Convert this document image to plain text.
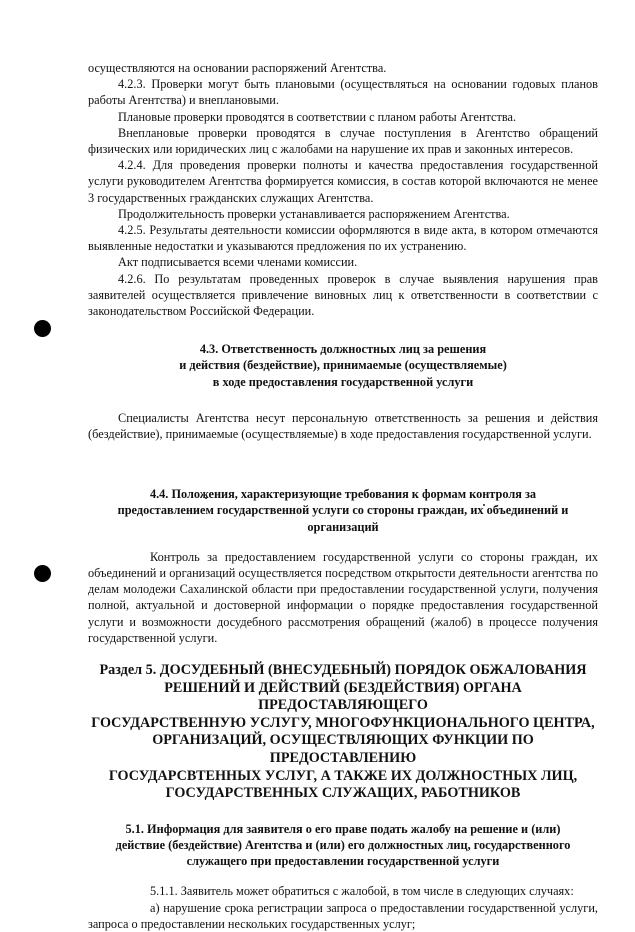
осуществляются на основании распоряжений Агентства.

4.2.3. Проверки могут быть плановыми (осуществляться на основании годовых планов работы Агентства) и внеплановыми.

Плановые проверки проводятся в соответствии с планом работы Агентства.

Внеплановые проверки проводятся в случае поступления в Агентство обращений физических или юридических лиц с жалобами на нарушение их прав и законных интересов.

4.2.4. Для проведения проверки полноты и качества предоставления государственной услуги руководителем Агентства формируется комиссия, в состав которой включаются не менее 3 государственных гражданских служащих Агентства.

Продолжительность проверки устанавливается распоряжением Агентства.

4.2.5. Результаты деятельности комиссии оформляются в виде акта, в котором отмечаются выявленные недостатки и указываются предложения по их устранению.

Акт подписывается всеми членами комиссии.

4.2.6. По результатам проведенных проверок в случае выявления нарушения прав заявителей осуществляется привлечение виновных лиц к ответственности в соответствии с законодательством Российской Федерации.

4.3. Ответственность должностных лиц за решения
и действия (бездействие), принимаемые (осуществляемые)
в ходе предоставления государственной услуги

Специалисты Агентства несут персональную ответственность за решения и действия (бездействие), принимаемые (осуществляемые) в ходе предоставления государственной услуги.

4.4. Положения, характеризующие требования к формам контроля за
предоставлением государственной услуги со стороны граждан, их объединений и
организаций

Контроль за предоставлением государственной услуги со стороны граждан, их объединений и организаций осуществляется посредством открытости деятельности агентства по делам молодежи Сахалинской области при предоставлении государственной услуги, получения полной, актуальной и достоверной информации о порядке предоставления государственной услуги и возможности досудебного рассмотрения обращений (жалоб) в процессе получения государственной услуги.

Раздел 5. ДОСУДЕБНЫЙ (ВНЕСУДЕБНЫЙ) ПОРЯДОК ОБЖАЛОВАНИЯ
РЕШЕНИЙ И ДЕЙСТВИЙ (БЕЗДЕЙСТВИЯ) ОРГАНА ПРЕДОСТАВЛЯЮЩЕГО
ГОСУДАРСТВЕННУЮ УСЛУГУ, МНОГОФУНКЦИОНАЛЬНОГО ЦЕНТРА,
ОРГАНИЗАЦИЙ, ОСУЩЕСТВЛЯЮЩИХ ФУНКЦИИ ПО ПРЕДОСТАВЛЕНИЮ
ГОСУДАРСВТЕННЫХ УСЛУГ, А ТАКЖЕ ИХ ДОЛЖНОСТНЫХ ЛИЦ,
ГОСУДАРСТВЕННЫХ СЛУЖАЩИХ, РАБОТНИКОВ
5.1. Информация для заявителя о его праве подать жалобу на решение и (или)
действие (бездействие) Агентства и (или) его должностных лиц, государственного
служащего при предоставлении государственной услуги

5.1.1. Заявитель может обратиться с жалобой, в том числе в следующих случаях:

а) нарушение срока регистрации запроса о предоставлении государственной услуги, запроса о предоставлении нескольких государственных услуг;
